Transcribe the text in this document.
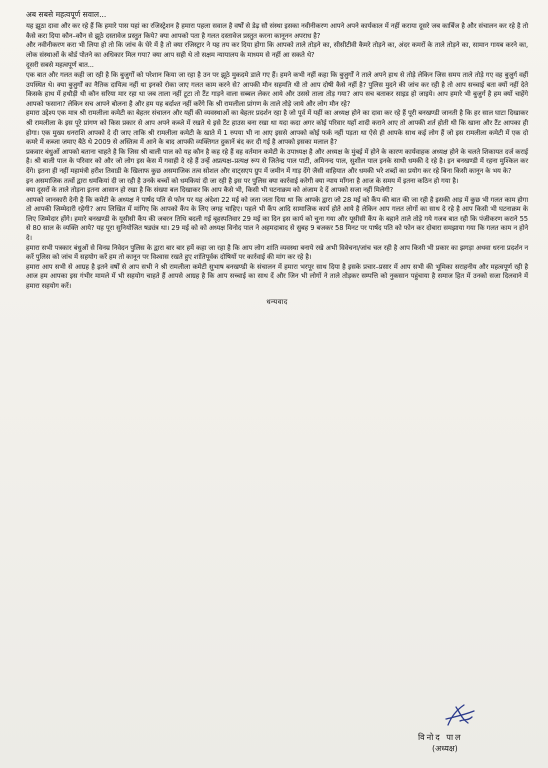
अब सबसे महत्वपूर्ण सवाल...

यह झूठा दावा और कर रहे हैं कि हमारे पास यहां का रजिस्ट्रेशन है हमारा पहला सवाल है वर्षों से डेढ़ सौ संस्था इसका नवीनीकरण आपने अपने कार्यकाल में नहीं कराया दूसरे जब कार्बिज है और संचालन कर रहे है तो कैसे करा दिया कौन–कौन से झूठे दस्तावेज प्रस्तुत किये? क्या आपको पता है गलत दस्तावेज प्रस्तुत करना कानूनन अपराध है?

और नवीनीकरण करा भी लिया हो तो कि जांच के घेरे में है तो क्या रजिस्ट्रार ने यह तय कर दिया होगा कि आपको ताले तोड़ने का, सीसीटीवी कैमरे तोड़ने का, अंदर कमरों के ताले तोड़ने का, सामान गायब करने का, लोक संस्थाओं के बोर्ड पोतने का अधिकार मिल गया? क्या आप सही थे तो सक्षम न्यायालय के माध्यम से नहीं आ सकते थे?

दूसरी सबसे महत्वपूर्ण बात...

एक बात और गलत कही जा रही है कि बुजुर्गों को परेशान किया जा रहा है उन पर झूठे मुकदमे डाले गए हैं। हमने कभी नहीं कहा कि बुजुर्गों ने ताले अपने हाथ से तोड़े लेकिन जिस समय ताले तोड़े गए वह बुजुर्ग वहीं उपस्थित थे। क्या बुजुर्गों का नैतिक दायित्व नहीं था इनको रोका जाए गलत काम करने से? आपकी मौन सहमति थी तो आप दोषी कैसे नहीं है? पुलिस मुदने की जांच कर रही है तो आप सच्चाई बता क्यों नहीं देते किसके हाथ में हथौड़ी थी कौन सरिया मार रहा था जब ताला नहीं टूटा तो टैंट गाड़ने वाला सब्बल लेकर आये और उससे ताला तोड़ गया? आप सच बताकर साइड हो जाइये। आप हमारे भी बुजुर्ग है हम क्यों चाहेंगे आपको फसाना? लेकिन सच आपने बोलना है और हम यह बर्दाश्त नहीं करेंगे कि श्री रामलीला प्रांगण के ताले तोड़े जाये और लोग मौन रहे?

हमारा उद्देश्य एक मात्र श्री रामलीला कमेटी का बेहतर संचालन और यहीं की व्यवस्थाओं का बेहतर प्रदर्शन रहा है जो पूर्व में यहीं का अध्यक्ष होने का दावा कर रहे हैं पूरी बनखण्डी जानती है कि हर साल घाटा दिखाकर श्री रामलीला के इस पूरे प्रांगण को किस प्रकार से आप अपने कब्जे में रखते थे इसे टैंट हाउस बना रखा था यदा कदा अगर कोई परिवार यहाँ शादी कराने आए तो आपकी शर्त होती थी कि खाना और टैंट आपका ही होगा। एक मुख्य धनराशि आपको दे दी जाए ताकि श्री रामलीला कमेटी के खाते में 1 रुपया भी ना आए इससे आपको कोई फर्क नहीं पड़ता था ऐसे ही आपके साथ कई लोग हैं जो इस रामलीला कमेटी में एक दो कमरे में कब्जा जमाए बैठे थे 2009 से अस्तित्व में आने के बाद आपकी व्यक्तिगत दुकानें बंद कर दी गई है आपको इसका मलाल है?

प्रकवार बंधुओं आपको बताना चाहते है कि जिस श्री बाली पाल को यह कौन है कह रहे हैं वह वर्तमान कमेटी के उपाध्यक्ष है और अध्यक्ष के मुंबई में होने के कारण कार्यवाहक अध्यक्ष होने के चलते शिकायत दर्ज कराई है। श्री बाली पाल के परिवार को और जो लोग इस केस में गवाही दे रहे हैं उन्हें अप्रत्यक्ष–प्रत्यक्ष रूप से जितेन्द्र पाल पाटी, अमिनन्द पाल, सुशील पाल इनके साथी धमकी दे रहे है। इन बनखण्डी में रहना मुश्किल कर देंगे। इतना ही नहीं महामंत्री हरीश तिवाडी के खिलाफ कुछ असमाजिक तत्व सोशल और वाट्सएप ग्रुप में जमीन में गाड़ देंगे जैसी वाहियात और धमकी भरे शब्दों का प्रयोग कर रहे बिना किसी कानून के भय के?

इन असमाजिक तत्वों द्वारा धमकियां दी जा रही है उनके बच्चों को धमकियां दी जा रही है इस पर पुलिस क्या कार्रवाई करेगी क्या न्याय माँगना है आज के समय में इतना कठिन हो गया है।

क्या दूसरों के ताले तोड़ना इतना आसान हो रखा है कि संख्या बल दिखाकर कि आप कैसे भी, किसी भी घटनाक्रम को अंजाम दे दें आपको सजा नहीं मिलेगी?

आपको जानकारी देनी है कि कमेटी के अध्यक्ष ने पार्षद पति से फोन पर यह अंदेशा 22 मई को जता जता दिया था कि आपके द्वारा जो 28 मई को कैंप की बात की जा रही है इसकी आड़ में कुछ भी गलत काम होगा तो आपकी जिम्मेदारी रहेगी? आप लिखित में मांगिए कि आपको कैंप के लिए जगह चाहिए। पहले भी कैंप आदि सामाजिक कार्य होते आये है लेकिन आप गलत लोगों का साथ दे रहे है आप किसी भी घटनाक्रम के लिए जिम्मेदार होंगे। हमारे बनखण्डी के यूसीसी कैंप की जबरन तिथि बदली गई बृहस्पतिवार 29 मई का दिन इस कार्य को चुना गया और यूसीसी कैंप के बहाने ताले तोड़े गये गजब बात रही कि पंजीकरण कराने 55 से 80 साल के व्यक्ति आये? यह पूरा सुनियोजित षड्यंत्र था। 29 मई को को अध्यक्ष विनोद पाल ने अहमदाबाद से सुबह 9 बजकर 58 मिनट पर पार्षद पति को फोन कर दोबारा समझाया गया कि गलत काम न होने दे।

हमारा सभी पत्रकार बंधुओं से विनम्र निवेदन पुलिस के द्वारा बार बार हमें कहा जा रहा है कि आप लोग शांति व्यवस्था बनाये रखे अभी विवेचना/जांच चल रही है आप किसी भी प्रकार का झगड़ा अथवा धरना प्रदर्शन न करें पुलिस को जांच में सहयोग करें हम तो कानून पर विश्वास रखते हुए शांतिपूर्वक दोषियों पर कार्रवाई की मांग कर रहे है।

हमारा आप सभी से आग्रह है इतने वर्षों से आप सभी ने श्री रामलीला कमेटी सुभाष बनखण्डी के संचालन में हमारा भरपूर साथ दिया है इसके प्रचार–प्रसार में आप सभी की भूमिका सराहनीय और महत्वपूर्ण रही है आज हम आपका इस गंभीर मामले में भी सहयोग चाहते हैं आपसे आग्रह है कि आप सच्चाई का साथ दें और जिन भी लोगों ने ताले तोड़कर सम्पत्ति को नुकसान पहुंचाया है समाज हित में उनको सजा दिलवाने में हमारा सहयोग करें।

धन्यवाद
विनोद पाल
(अध्यक्ष)
